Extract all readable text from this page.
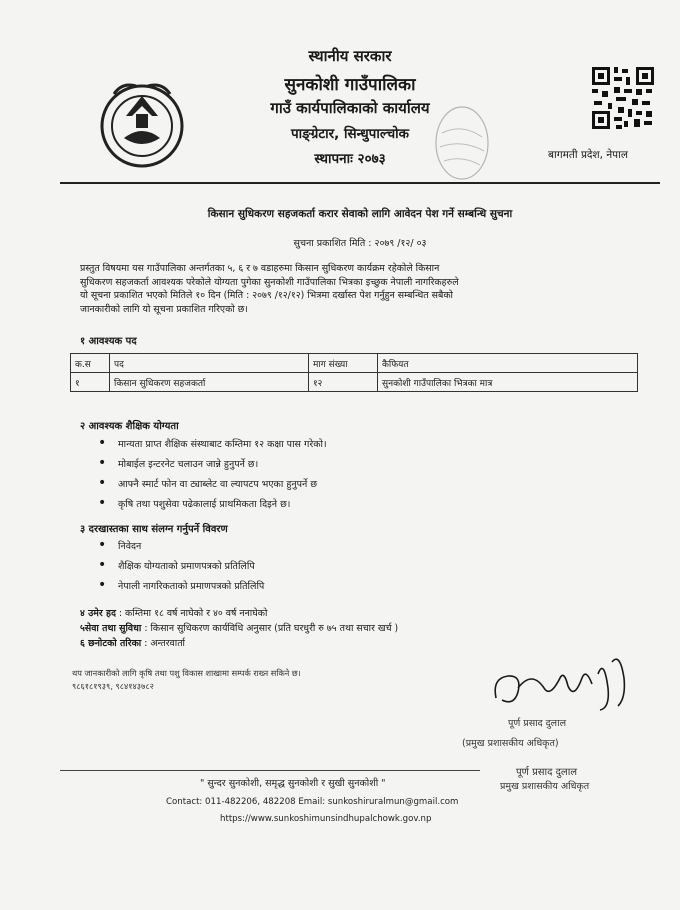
स्थानीय सरकार
सुनकोशी गाउँपालिका
गाउँ कार्यपालिकाको कार्यालय
पाङ्ग्रेटार, सिन्धुपाल्चोक
स्थापनाः २०७३	बागमती प्रदेश, नेपाल
किसान सुधिकरण सहजकर्ता करार सेवाको लागि आवेदन पेश गर्ने सम्बन्धि सुचना
सुचना प्रकाशित मिति : २०७९ /१२/ ०३
प्रस्तुत विषयमा यस गाउँपालिका अन्तर्गतका ५, ६ र ७ वडाहरुमा किसान सुधिकरण कार्यक्रम रहेकोले किसान
सुधिकरण सहजकर्ता आवश्यक परेकोले योग्यता पुगेका सुनकोशी गाउँपालिका भित्रका इच्छुक नेपाली नागरिकहरुले
यो सूचना प्रकाशित भएको मितिले १० दिन (मिति : २०७९ /१२/१२) भित्रमा दर्खास्त पेश गर्नुहुन सम्बन्धित सबैको
जानकारीको लागि यो सूचना प्रकाशित गरिएको छ।
१ आवश्यक पद
क.स	पद	माग संख्या	कैफियत
१	किसान सुधिकरण सहजकर्ता	१२	सुनकोशी गाउँपालिका भित्रका मात्र
२ आवश्यक शैक्षिक योग्यता
• मान्यता प्राप्त शैक्षिक संस्थाबाट कम्तिमा १२ कक्षा पास गरेको।
• मोबाईल इन्टरनेट चलाउन जान्ने हुनुपर्ने छ।
• आफ्नै स्मार्ट फोन वा ट्याब्लेट वा ल्यापटप भएका हुनुपर्ने छ
• कृषि तथा पशुसेवा पढेकालाई प्राथमिकता दिइने छ।
३ दरखास्तका साथ संलग्न गर्नुपर्ने विवरण
• निवेदन
• शैक्षिक योग्यताको प्रमाणपत्रको प्रतिलिपि
• नेपाली नागरिकताको प्रमाणपत्रको प्रतिलिपि
४ उमेर हद : कम्तिमा १८ वर्ष नाघेको र ४० वर्ष ननाघेको
५सेवा तथा सुविधा : किसान सुधिकरण कार्यविधि अनुसार (प्रति घरधुरी रु ७५ तथा सचार खर्च )
६ छनोटको तरिका : अन्तरवार्ता
थप जानकारीको लागि कृषि तथा पशु विकास शाखामा सम्पर्क राख्न सकिने छ।
९८६१८१९३९, ९८४१४३७८२
पूर्ण प्रसाद दुलाल
(प्रमुख प्रशासकीय अधिकृत)
पूर्ण प्रसाद दुलाल
प्रमुख प्रशासकीय अधिकृत
" सुन्दर सुनकोशी, समृद्ध सुनकोशी र सुखी सुनकोशी "
Contact: 011-482206, 482208 Email: sunkoshiruralmun@gmail.com
https://www.sunkoshimunsindhupalchowk.gov.np
